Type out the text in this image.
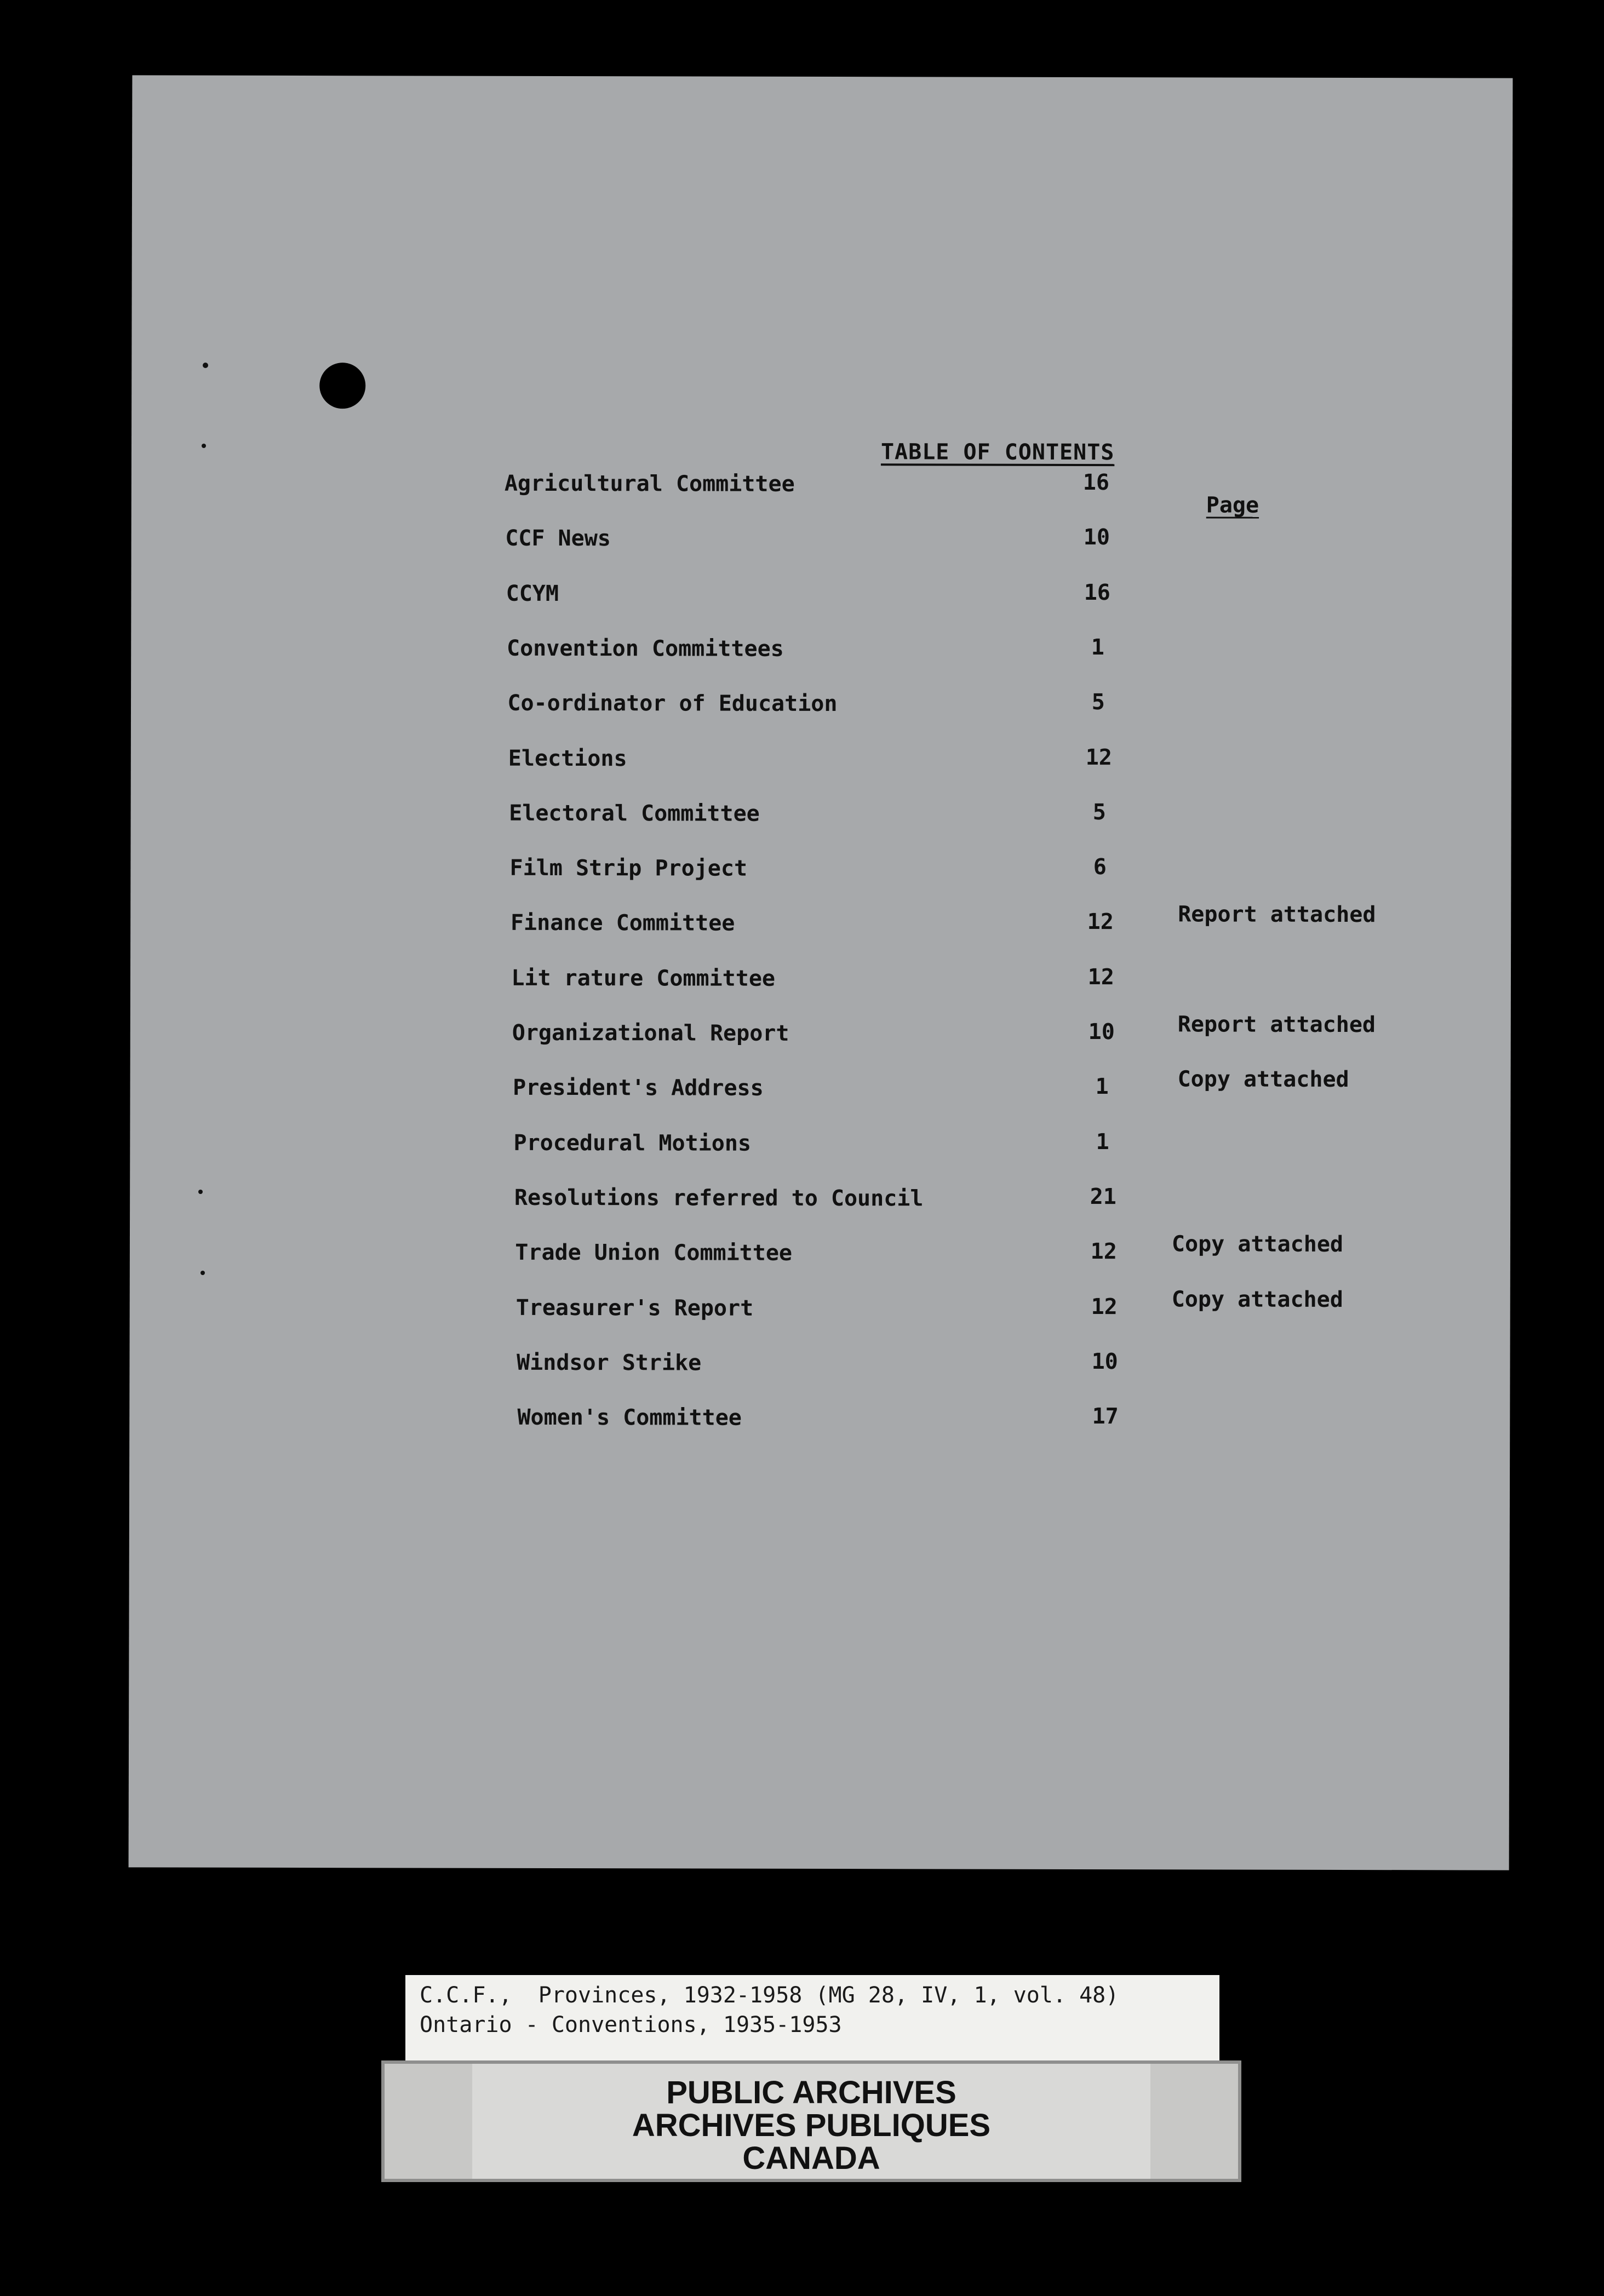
TABLE OF CONTENTS
Page
Agricultural Committee	16
CCF News	10
CCYM	16
Convention Committees	1
Co-ordinator of Education	5
Elections	12
Electoral Committee	5
Film Strip Project	6
Finance Committee	12	Report attached
Lit rature Committee	12
Organizational Report	10	Report attached
President's Address	1	Copy attached
Procedural Motions	1
Resolutions referred to Council	21
Trade Union Committee	12	Copy attached
Treasurer's Report	12	Copy attached
Windsor Strike	10
Women's Committee	17
C.C.F.,  Provinces, 1932-1958 (MG 28, IV, 1, vol. 48)
Ontario - Conventions, 1935-1953
PUBLIC ARCHIVES
ARCHIVES PUBLIQUES
CANADA
